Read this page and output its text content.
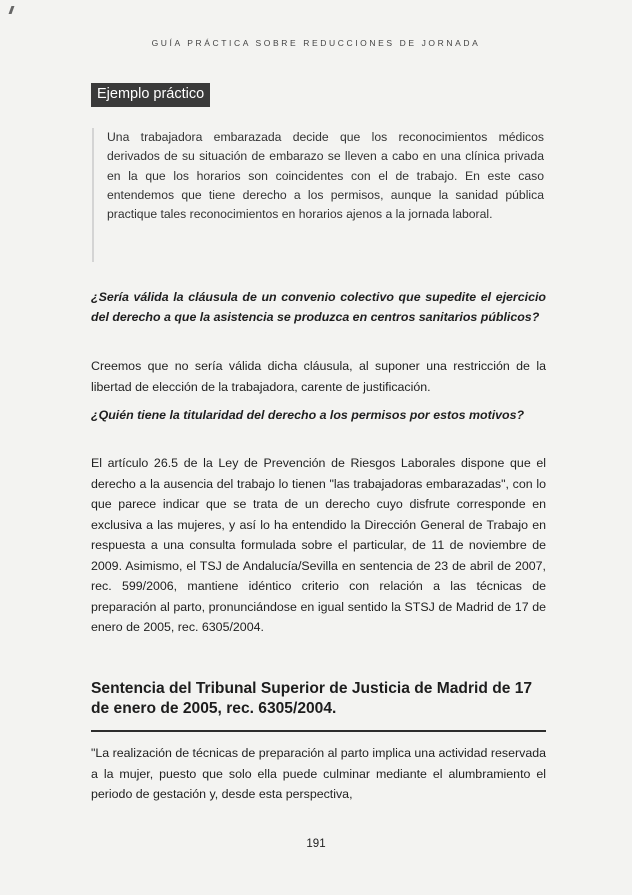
GUÍA PRÁCTICA SOBRE REDUCCIONES DE JORNADA
Ejemplo práctico
Una trabajadora embarazada decide que los reconocimientos médicos derivados de su situación de embarazo se lleven a cabo en una clínica privada en la que los horarios son coincidentes con el de trabajo. En este caso entendemos que tiene derecho a los permisos, aunque la sanidad pública practique tales reconocimientos en horarios ajenos a la jornada laboral.
¿Sería válida la cláusula de un convenio colectivo que supedite el ejercicio del derecho a que la asistencia se produzca en centros sanitarios públicos?
Creemos que no sería válida dicha cláusula, al suponer una restricción de la libertad de elección de la trabajadora, carente de justificación.
¿Quién tiene la titularidad del derecho a los permisos por estos motivos?
El artículo 26.5 de la Ley de Prevención de Riesgos Laborales dispone que el derecho a la ausencia del trabajo lo tienen "las trabajadoras embarazadas", con lo que parece indicar que se trata de un derecho cuyo disfrute corresponde en exclusiva a las mujeres, y así lo ha entendido la Dirección General de Trabajo en respuesta a una consulta formulada sobre el particular, de 11 de noviembre de 2009. Asimismo, el TSJ de Andalucía/Sevilla en sentencia de 23 de abril de 2007, rec. 599/2006, mantiene idéntico criterio con relación a las técnicas de preparación al parto, pronunciándose en igual sentido la STSJ de Madrid de 17 de enero de 2005, rec. 6305/2004.
Sentencia del Tribunal Superior de Justicia de Madrid de 17 de enero de 2005, rec. 6305/2004.
"La realización de técnicas de preparación al parto implica una actividad reservada a la mujer, puesto que solo ella puede culminar mediante el alumbramiento el periodo de gestación y, desde esta perspectiva,
191
